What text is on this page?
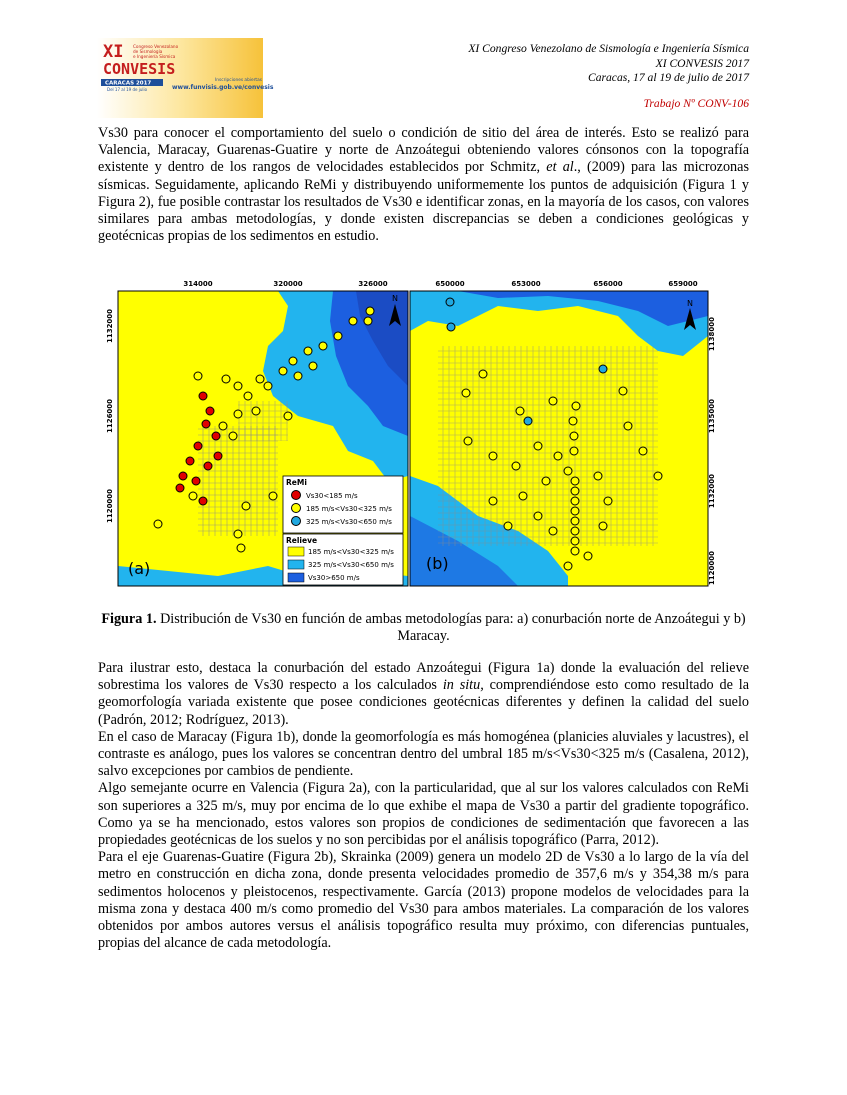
XI
CONVESIS
Congreso Venezolano
de Sismología
e Ingeniería Sísmica
CARACAS 2017
Del 17 al 19 de julio
Inscripciones abiertas
www.funvisis.gob.ve/convesis
XI Congreso Venezolano de Sismología e Ingeniería Sísmica
XI CONVESIS 2017
Caracas, 17 al 19 de julio de 2017
Trabajo Nº CONV-106

Vs30 para conocer el comportamiento del suelo o condición de sitio del área de interés. Esto se realizó para Valencia, Maracay, Guarenas-Guatire y norte de Anzoátegui obteniendo valores cónsonos con la topografía existente y dentro de los rangos de velocidades establecidos por Schmitz, et al., (2009) para las microzonas sísmicas. Seguidamente, aplicando ReMi y distribuyendo uniformemente los puntos de adquisición (Figura 1 y Figura 2), fue posible contrastar los resultados de Vs30 e identificar zonas, en la mayoría de los casos, con valores similares para ambas metodologías, y donde existen discrepancias se deben a condiciones geológicas y geotécnicas propias de los sedimentos en estudio.

314000	320000	326000
1132000
1126000
1120000
N
(a)
ReMi
Vs30<185 m/s
185 m/s<Vs30<325 m/s
325 m/s<Vs30<650 m/s
Relieve
185 m/s<Vs30<325 m/s
325 m/s<Vs30<650 m/s
Vs30>650 m/s
650000	653000	656000	659000
1138000
1135000
1132000
1120000
N
(b)
Figura 1. Distribución de Vs30 en función de ambas metodologías para: a) conurbación norte de Anzoátegui y b) Maracay.

Para ilustrar esto, destaca la conurbación del estado Anzoátegui (Figura 1a) donde la evaluación del relieve sobrestima los valores de Vs30 respecto a los calculados in situ, comprendiéndose esto como resultado de la geomorfología variada existente que posee condiciones geotécnicas diferentes y definen la calidad del suelo (Padrón, 2012; Rodríguez, 2013).

En el caso de Maracay (Figura 1b), donde la geomorfología es más homogénea (planicies aluviales y lacustres), el contraste es análogo, pues los valores se concentran dentro del umbral 185 m/s<Vs30<325 m/s (Casalena, 2012), salvo excepciones por cambios de pendiente.

Algo semejante ocurre en Valencia (Figura 2a), con la particularidad, que al sur los valores calculados con ReMi son superiores a 325 m/s, muy por encima de lo que exhibe el mapa de Vs30 a partir del gradiente topográfico. Como ya se ha mencionado, estos valores son propios de condiciones de sedimentación que favorecen a las propiedades geotécnicas de los suelos y no son percibidas por el análisis topográfico (Parra, 2012).

Para el eje Guarenas-Guatire (Figura 2b), Skrainka (2009) genera un modelo 2D de Vs30 a lo largo de la vía del metro en construcción en dicha zona, donde presenta velocidades promedio de 357,6 m/s y 354,38 m/s para sedimentos holocenos y pleistocenos, respectivamente. García (2013) propone modelos de velocidades para la misma zona y destaca 400 m/s como promedio del Vs30 para ambos materiales. La comparación de los valores obtenidos por ambos autores versus el análisis topográfico resulta muy próximo, con diferencias puntuales, propias del alcance de cada metodología.
